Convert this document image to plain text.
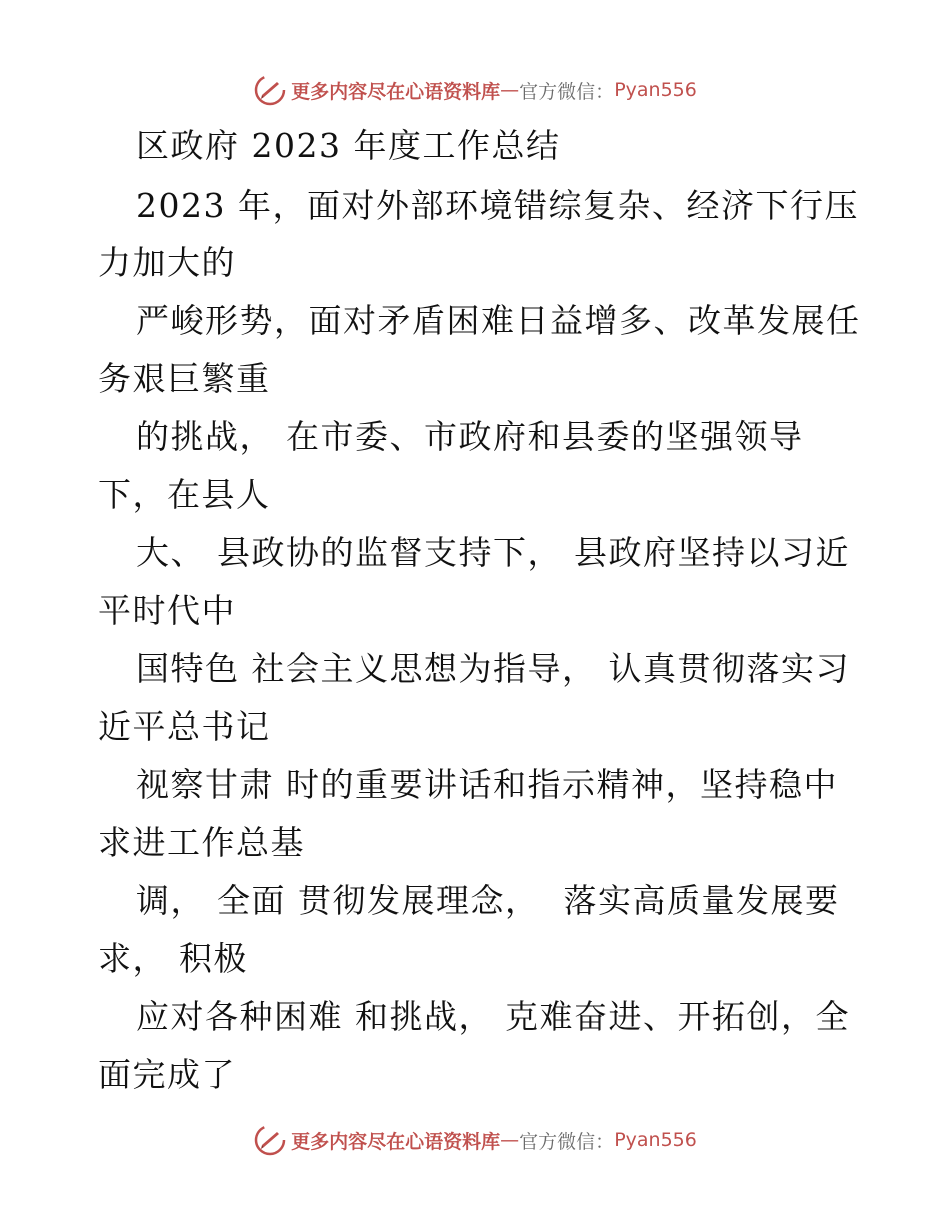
更多内容尽在心语资料库 — 官方微信： Pyan556
区政府 2023 年度工作总结
2023 年，面对外部环境错综复杂、经济下行压
力加大的
严峻形势，面对矛盾困难日益增多、改革发展任
务艰巨繁重
的挑战， 在市委、市政府和县委的坚强领导
下，在县人
大、 县政协的监督支持下， 县政府坚持以习近
平时代中
国特色 社会主义思想为指导， 认真贯彻落实习
近平总书记
视察甘肃 时的重要讲话和指示精神，坚持稳中
求进工作总基
调， 全面 贯彻发展理念，  落实高质量发展要
求， 积极
应对各种困难 和挑战， 克难奋进、开拓创，全
面完成了
更多内容尽在心语资料库 — 官方微信： Pyan556
